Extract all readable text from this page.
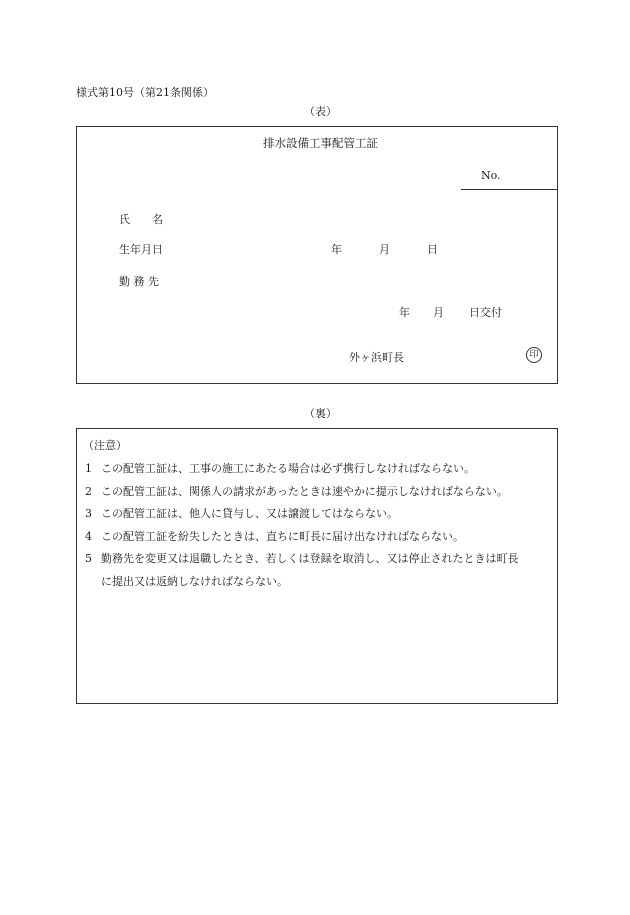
様式第10号（第21条関係）
（表）
排水設備工事配管工証
No.
氏　　名
生年月日	年	月	日
勤 務 先
年 月 日交付
外ヶ浜町長	印
（裏）
（注意）
1 この配管工証は、工事の施工にあたる場合は必ず携行しなければならない。
2 この配管工証は、関係人の請求があったときは速やかに提示しなければならない。
3 この配管工証は、他人に貸与し、又は譲渡してはならない。
4 この配管工証を紛失したときは、直ちに町長に届け出なければならない。
5 勤務先を変更又は退職したとき、若しくは登録を取消し、又は停止されたときは町長
に提出又は返納しなければならない。
